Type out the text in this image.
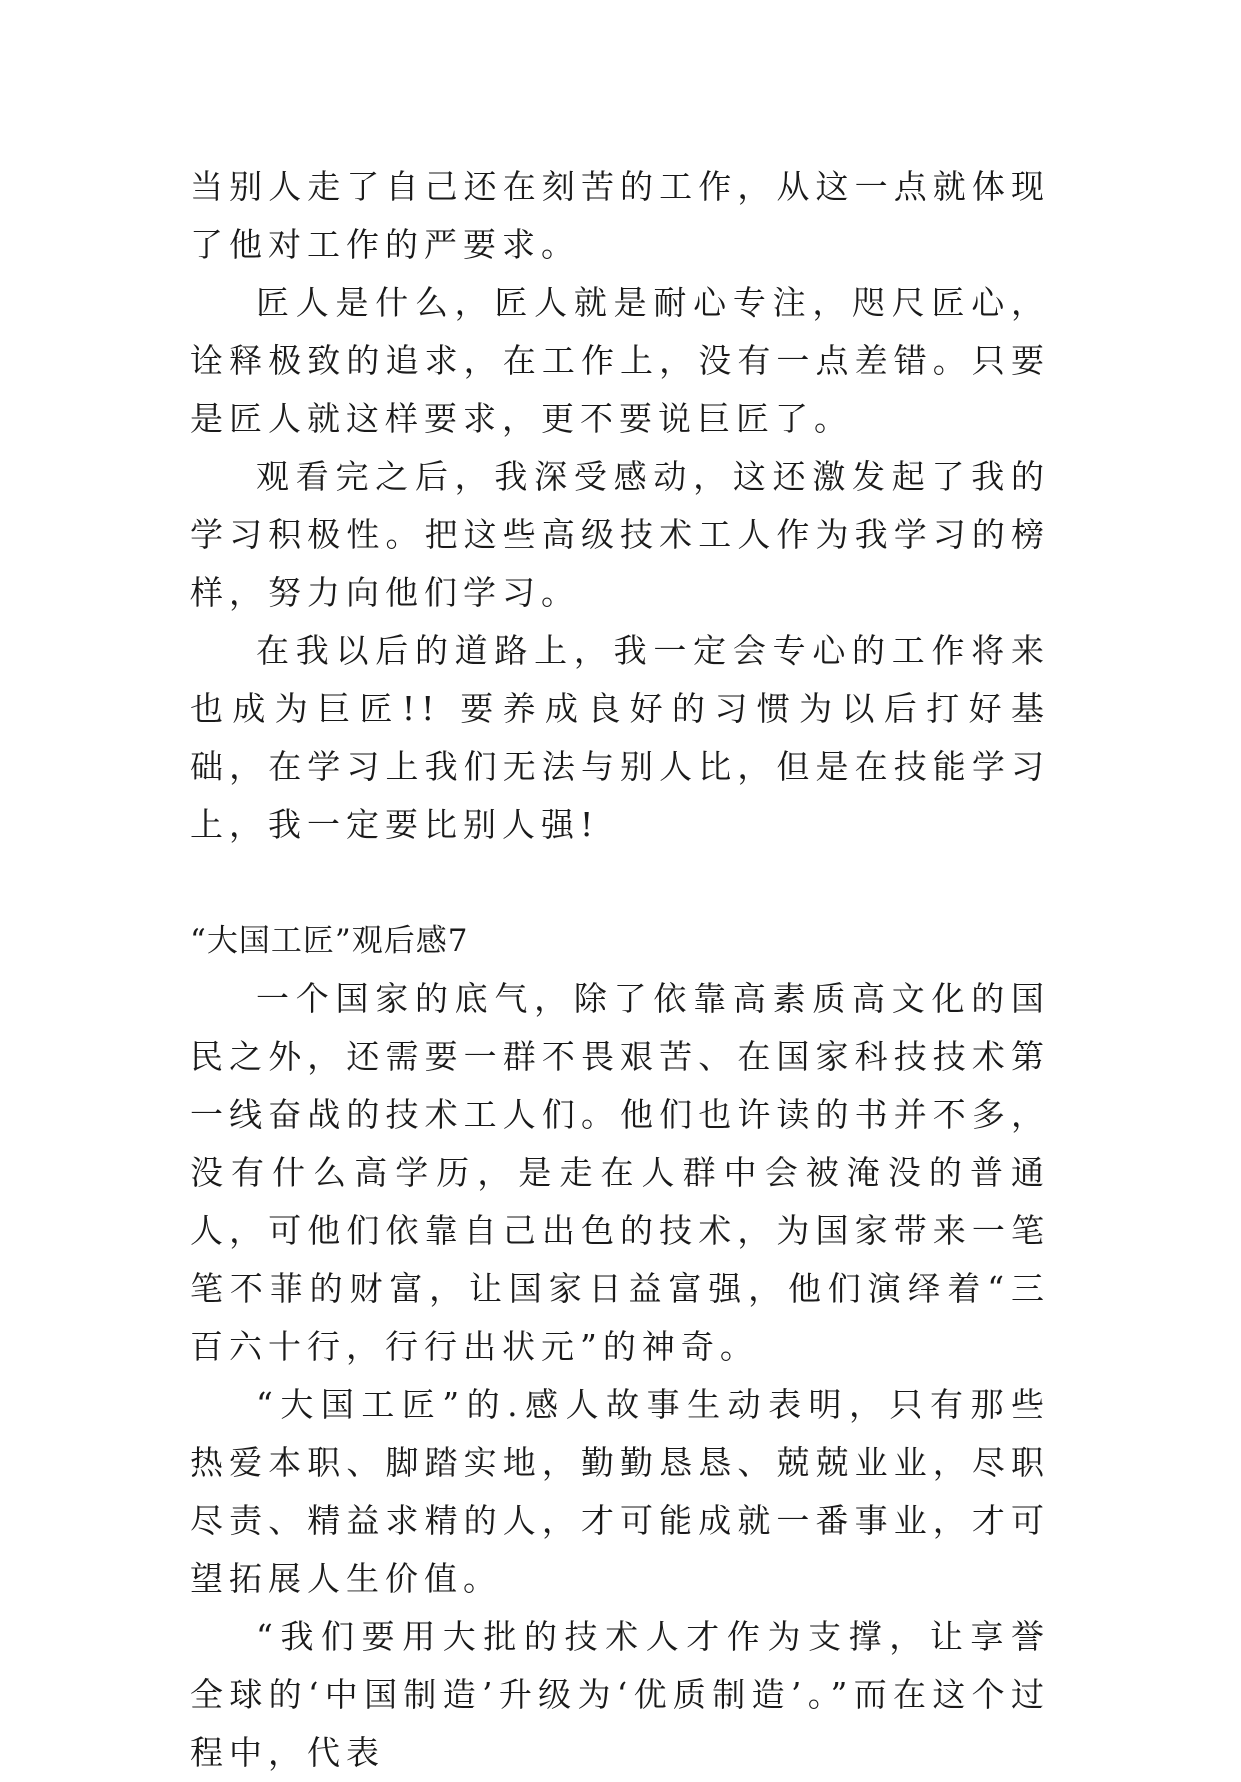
当别人走了自己还在刻苦的工作，从这一点就体现了他对工作的严要求。

匠人是什么，匠人就是耐心专注，咫尺匠心，诠释极致的追求，在工作上，没有一点差错。只要是匠人就这样要求，更不要说巨匠了。

观看完之后，我深受感动，这还激发起了我的学习积极性。把这些高级技术工人作为我学习的榜样，努力向他们学习。

在我以后的道路上，我一定会专心的工作将来也成为巨匠!! 要养成良好的习惯为以后打好基础，在学习上我们无法与别人比，但是在技能学习上，我一定要比别人强!

“大国工匠”观后感7

一个国家的底气，除了依靠高素质高文化的国民之外，还需要一群不畏艰苦、在国家科技技术第一线奋战的技术工人们。他们也许读的书并不多，没有什么高学历，是走在人群中会被淹没的普通人，可他们依靠自己出色的技术，为国家带来一笔笔不菲的财富，让国家日益富强，他们演绎着“三百六十行，行行出状元”的神奇。

“大国工匠”的.感人故事生动表明，只有那些热爱本职、脚踏实地，勤勤恳恳、兢兢业业，尽职尽责、精益求精的人，才可能成就一番事业，才可望拓展人生价值。

“我们要用大批的技术人才作为支撑，让享誉全球的‘中国制造’升级为‘优质制造’。”而在这个过程中，代表
